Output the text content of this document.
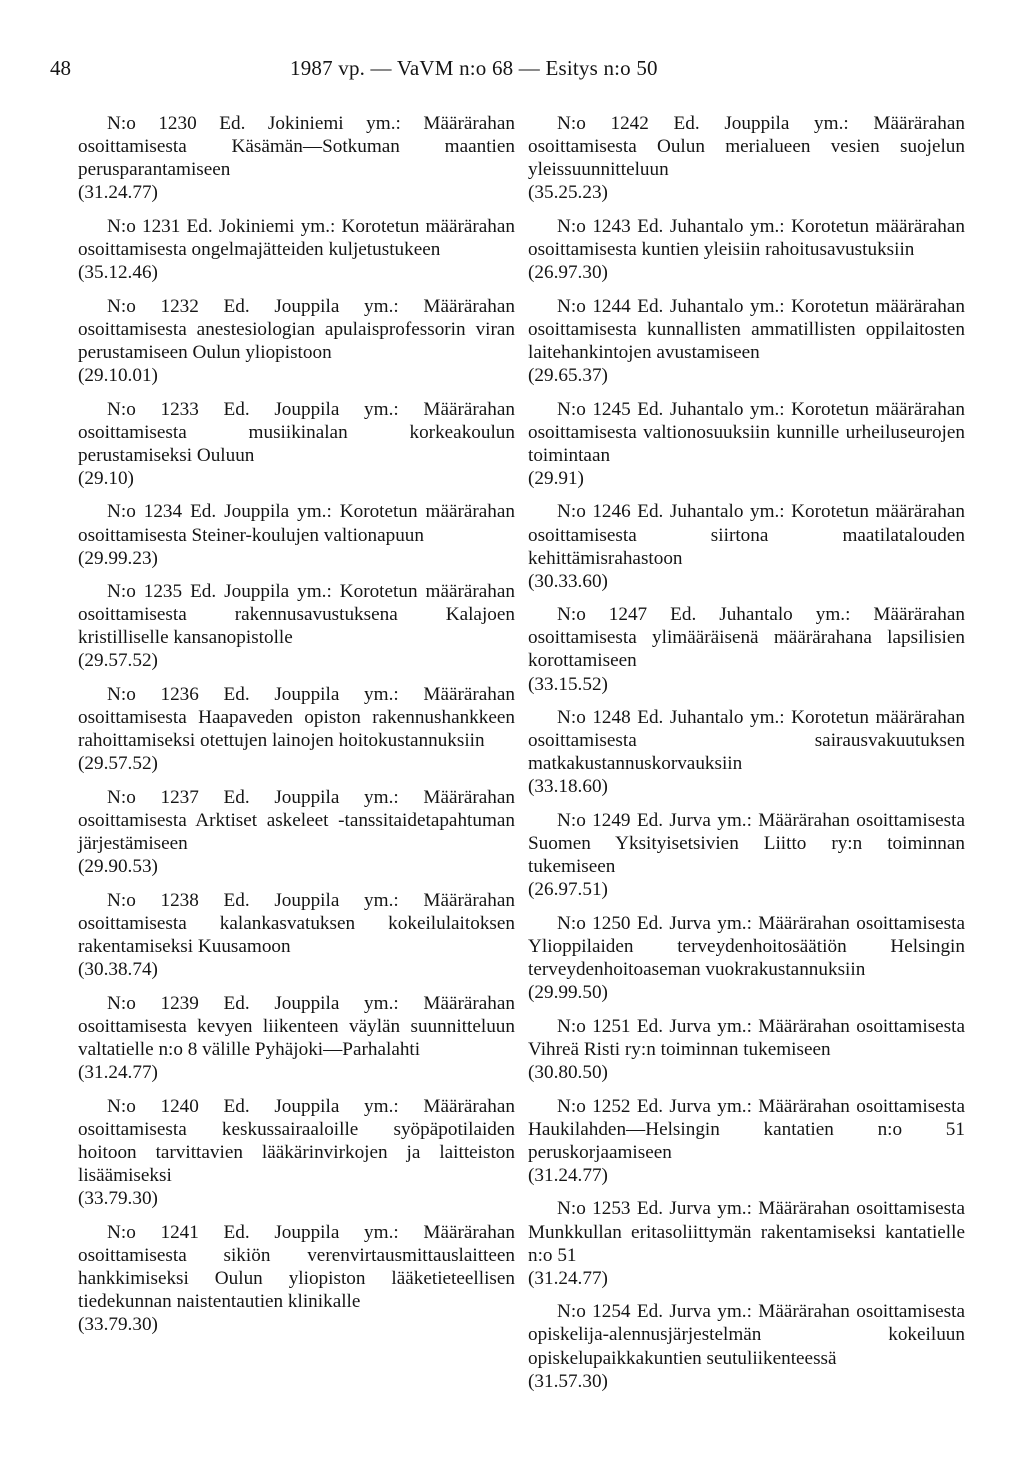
48	1987 vp. — VaVM n:o 68 — Esitys n:o 50

N:o 1230 Ed. Jokiniemi ym.: Määrärahan osoittamisesta Käsämän—Sotkuman maantien perusparantamiseen
(31.24.77)

N:o 1231 Ed. Jokiniemi ym.: Korotetun määrärahan osoittamisesta ongelmajätteiden kuljetustukeen
(35.12.46)

N:o 1232 Ed. Jouppila ym.: Määrärahan osoittamisesta anestesiologian apulaisprofessorin viran perustamiseen Oulun yliopistoon
(29.10.01)

N:o 1233 Ed. Jouppila ym.: Määrärahan osoittamisesta musiikinalan korkeakoulun perustamiseksi Ouluun
(29.10)

N:o 1234 Ed. Jouppila ym.: Korotetun määrärahan osoittamisesta Steiner-koulujen valtionapuun
(29.99.23)

N:o 1235 Ed. Jouppila ym.: Korotetun määrärahan osoittamisesta rakennusavustuksena Kalajoen kristilliselle kansanopistolle
(29.57.52)

N:o 1236 Ed. Jouppila ym.: Määrärahan osoittamisesta Haapaveden opiston rakennushankkeen rahoittamiseksi otettujen lainojen hoitokustannuksiin
(29.57.52)

N:o 1237 Ed. Jouppila ym.: Määrärahan osoittamisesta Arktiset askeleet -tanssitaidetapahtuman järjestämiseen
(29.90.53)

N:o 1238 Ed. Jouppila ym.: Määrärahan osoittamisesta kalankasvatuksen kokeilulaitoksen rakentamiseksi Kuusamoon
(30.38.74)

N:o 1239 Ed. Jouppila ym.: Määrärahan osoittamisesta kevyen liikenteen väylän suunnitteluun valtatielle n:o 8 välille Pyhäjoki—Parhalahti
(31.24.77)

N:o 1240 Ed. Jouppila ym.: Määrärahan osoittamisesta keskussairaaloille syöpäpotilaiden hoitoon tarvittavien lääkärinvirkojen ja laitteiston lisäämiseksi
(33.79.30)

N:o 1241 Ed. Jouppila ym.: Määrärahan osoittamisesta sikiön verenvirtausmittauslaitteen hankkimiseksi Oulun yliopiston lääketieteellisen tiedekunnan naistentautien klinikalle
(33.79.30)

N:o 1242 Ed. Jouppila ym.: Määrärahan osoittamisesta Oulun merialueen vesien suojelun yleissuunnitteluun
(35.25.23)

N:o 1243 Ed. Juhantalo ym.: Korotetun määrärahan osoittamisesta kuntien yleisiin rahoitusavustuksiin
(26.97.30)

N:o 1244 Ed. Juhantalo ym.: Korotetun määrärahan osoittamisesta kunnallisten ammatillisten oppilaitosten laitehankintojen avustamiseen
(29.65.37)

N:o 1245 Ed. Juhantalo ym.: Korotetun määrärahan osoittamisesta valtionosuuksiin kunnille urheiluseurojen toimintaan
(29.91)

N:o 1246 Ed. Juhantalo ym.: Korotetun määrärahan osoittamisesta siirtona maatilatalouden kehittämisrahastoon
(30.33.60)

N:o 1247 Ed. Juhantalo ym.: Määrärahan osoittamisesta ylimääräisenä määrärahana lapsilisien korottamiseen
(33.15.52)

N:o 1248 Ed. Juhantalo ym.: Korotetun määrärahan osoittamisesta sairausvakuutuksen matkakustannuskorvauksiin
(33.18.60)

N:o 1249 Ed. Jurva ym.: Määrärahan osoittamisesta Suomen Yksityisetsivien Liitto ry:n toiminnan tukemiseen
(26.97.51)

N:o 1250 Ed. Jurva ym.: Määrärahan osoittamisesta Ylioppilaiden terveydenhoitosäätiön Helsingin terveydenhoitoaseman vuokrakustannuksiin
(29.99.50)

N:o 1251 Ed. Jurva ym.: Määrärahan osoittamisesta Vihreä Risti ry:n toiminnan tukemiseen
(30.80.50)

N:o 1252 Ed. Jurva ym.: Määrärahan osoittamisesta Haukilahden—Helsingin kantatien n:o 51 peruskorjaamiseen
(31.24.77)

N:o 1253 Ed. Jurva ym.: Määrärahan osoittamisesta Munkkullan eritasoliittymän rakentamiseksi kantatielle n:o 51
(31.24.77)

N:o 1254 Ed. Jurva ym.: Määrärahan osoittamisesta opiskelija-alennusjärjestelmän kokeiluun opiskelupaikkakuntien seutuliikenteessä
(31.57.30)
